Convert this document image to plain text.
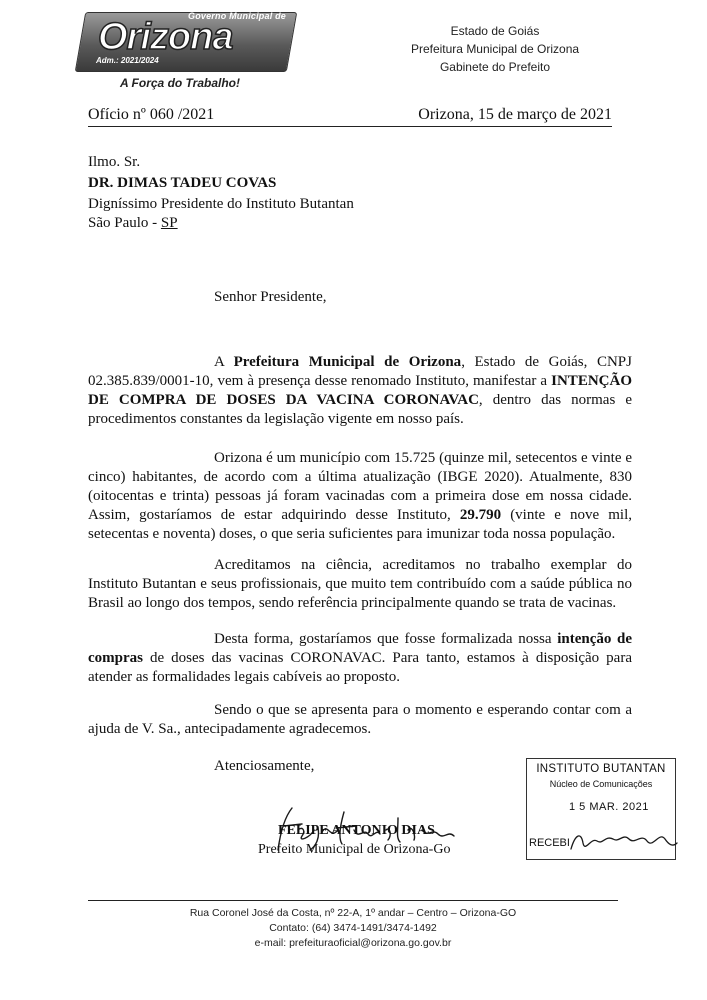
Governo Municipal de
Orizona
Adm.: 2021/2024
A Força do Trabalho!
Estado de Goiás
Prefeitura Municipal de Orizona
Gabinete do Prefeito
Ofício nº 060 /2021	Orizona, 15 de março de 2021
Ilmo. Sr.
DR. DIMAS TADEU COVAS
Digníssimo Presidente do Instituto Butantan
São Paulo - SP
Senhor Presidente,
A Prefeitura Municipal de Orizona, Estado de Goiás, CNPJ 02.385.839/0001-10, vem à presença desse renomado Instituto, manifestar a INTENÇÃO DE COMPRA DE DOSES DA VACINA CORONAVAC, dentro das normas e procedimentos constantes da legislação vigente em nosso país.
Orizona é um município com 15.725 (quinze mil, setecentos e vinte e cinco) habitantes, de acordo com a última atualização (IBGE 2020). Atualmente, 830 (oitocentas e trinta) pessoas já foram vacinadas com a primeira dose em nossa cidade. Assim, gostaríamos de estar adquirindo desse Instituto, 29.790 (vinte e nove mil, setecentas e noventa) doses, o que seria suficientes para imunizar toda nossa população.
Acreditamos na ciência, acreditamos no trabalho exemplar do Instituto Butantan e seus profissionais, que muito tem contribuído com a saúde pública no Brasil ao longo dos tempos, sendo referência principalmente quando se trata de vacinas.
Desta forma, gostaríamos que fosse formalizada nossa intenção de compras de doses das vacinas CORONAVAC. Para tanto, estamos à disposição para atender as formalidades legais cabíveis ao proposto.
Sendo o que se apresenta para o momento e esperando contar com a ajuda de V. Sa., antecipadamente agradecemos.
Atenciosamente,
FELIPE ANTONIO DIAS
Prefeito Municipal de Orizona-Go
INSTITUTO BUTANTAN
Núcleo de Comunicações
1 5 MAR. 2021
RECEBI
Rua Coronel José da Costa, nº 22-A, 1º andar – Centro – Orizona-GO
Contato: (64) 3474-1491/3474-1492
e-mail: prefeituraoficial@orizona.go.gov.br
